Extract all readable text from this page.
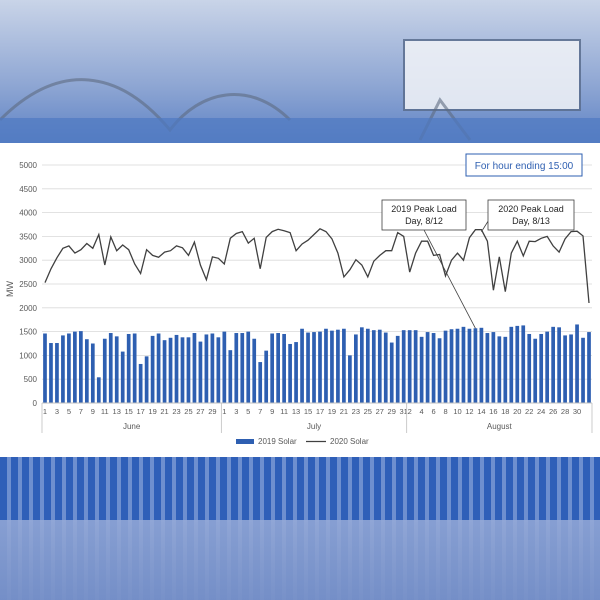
0
500
1000
1500
2000
2500
3000
3500
4000
4500
5000
1 3 5 7 9 11 13 15 17 19 21 23 25 27 29
June
1 3 5 7 9 11 13 15 17 19 21 23 25 27 29 31
July
2 4 6 8 10 12 14 16 18 20 22 24 26 28 30
August
2019 Peak Load
Day, 8/12
2020 Peak Load
Day, 8/13
MW
For hour ending 15:00
2019 Solar	2020 Solar
